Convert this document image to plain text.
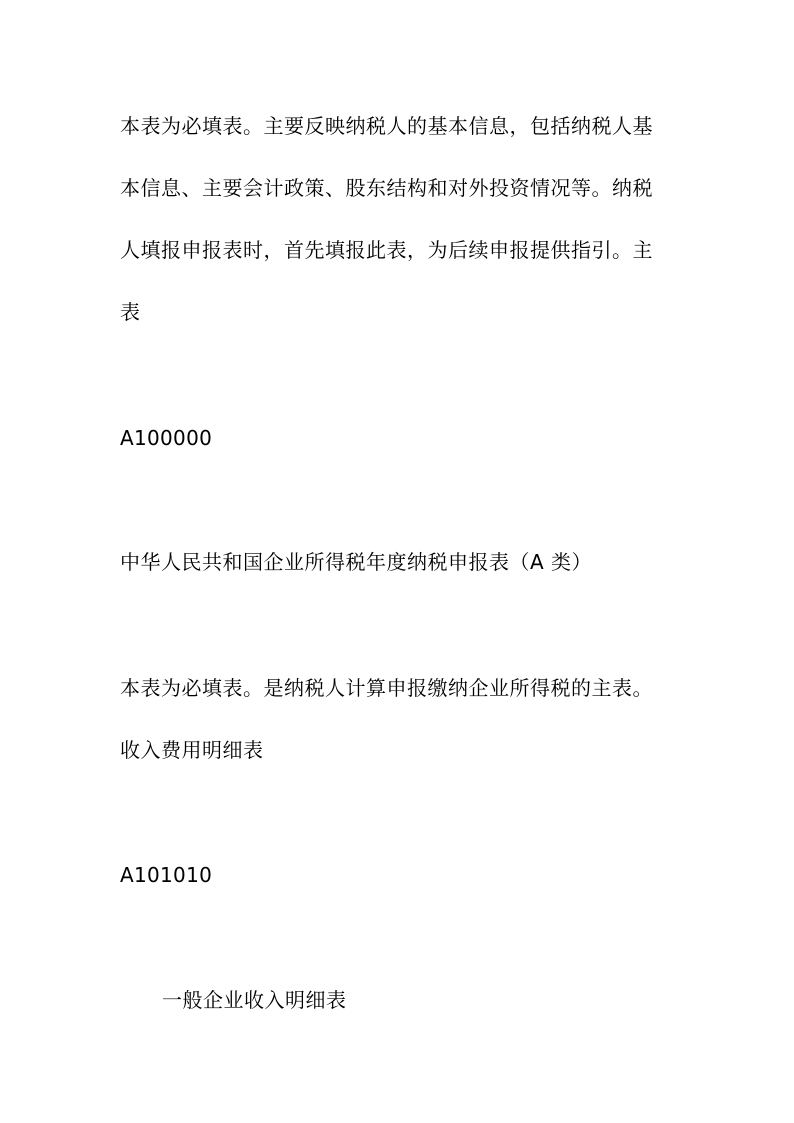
本表为必填表。主要反映纳税人的基本信息，包括纳税人基

本信息、主要会计政策、股东结构和对外投资情况等。纳税

人填报申报表时，首先填报此表，为后续申报提供指引。主

表

A100000

中华人民共和国企业所得税年度纳税申报表（A 类）

本表为必填表。是纳税人计算申报缴纳企业所得税的主表。

收入费用明细表

A101010

一般企业收入明细表
